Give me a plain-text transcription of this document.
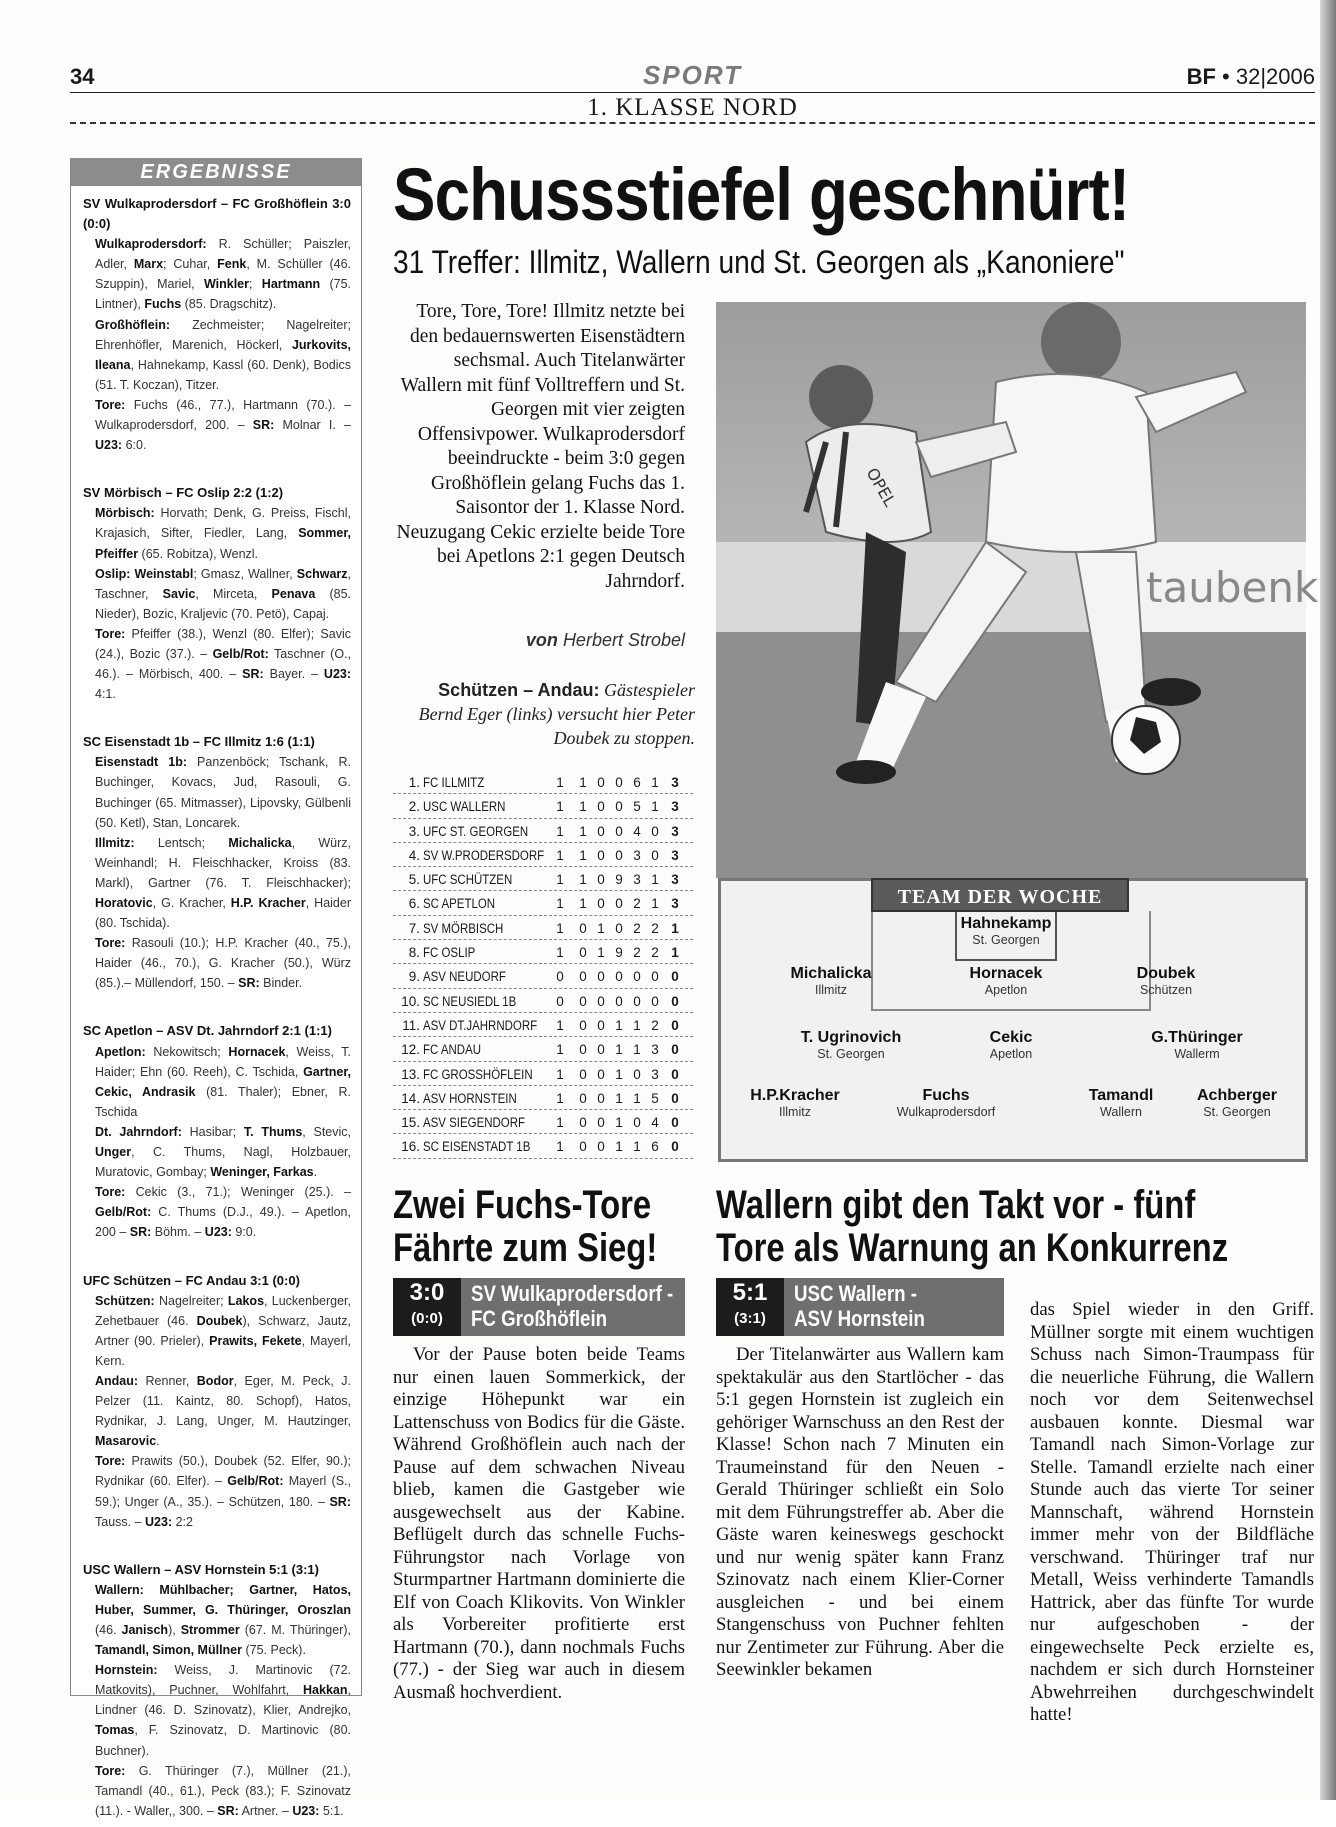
34	SPORT	BF • 32|2006
1. KLASSE NORD
ERGEBNISSE

SV Wulkaprodersdorf – FC Großhöflein 3:0 (0:0)

Wulkaprodersdorf: R. Schüller; Paiszler, Adler, Marx; Cuhar, Fenk, M. Schüller (46. Szuppin), Mariel, Winkler; Hartmann (75. Lintner), Fuchs (85. Dragschitz).

Großhöflein: Zechmeister; Nagelreiter; Ehrenhöfler, Marenich, Höckerl, Jurkovits, Ileana, Hahnekamp, Kassl (60. Denk), Bodics (51. T. Koczan), Titzer.

Tore: Fuchs (46., 77.), Hartmann (70.). – Wulkaprodersdorf, 200. – SR: Molnar I. – U23: 6:0.

SV Mörbisch – FC Oslip 2:2 (1:2)

Mörbisch: Horvath; Denk, G. Preiss, Fischl, Krajasich, Sifter, Fiedler, Lang, Sommer, Pfeiffer (65. Robitza), Wenzl.

Oslip: Weinstabl; Gmasz, Wallner, Schwarz, Taschner, Savic, Mirceta, Penava (85. Nieder), Bozic, Kraljevic (70. Petö), Capaj.

Tore: Pfeiffer (38.), Wenzl (80. Elfer); Savic (24.), Bozic (37.). – Gelb/Rot: Taschner (O., 46.). – Mörbisch, 400. – SR: Bayer. – U23: 4:1.

SC Eisenstadt 1b – FC Illmitz 1:6 (1:1)

Eisenstadt 1b: Panzenböck; Tschank, R. Buchinger, Kovacs, Jud, Rasouli, G. Buchinger (65. Mitmasser), Lipovsky, Gülbenli (50. Ketl), Stan, Loncarek.

Illmitz: Lentsch; Michalicka, Würz, Weinhandl; H. Fleischhacker, Kroiss (83. Markl), Gartner (76. T. Fleischhacker); Horatovic, G. Kracher, H.P. Kracher, Haider (80. Tschida).

Tore: Rasouli (10.); H.P. Kracher (40., 75.), Haider (46., 70.), G. Kracher (50.), Würz (85.).– Müllendorf, 150. – SR: Binder.

SC Apetlon – ASV Dt. Jahrndorf 2:1 (1:1)

Apetlon: Nekowitsch; Hornacek, Weiss, T. Haider; Ehn (60. Reeh), C. Tschida, Gartner, Cekic, Andrasik (81. Thaler); Ebner, R. Tschida

Dt. Jahrndorf: Hasibar; T. Thums, Stevic, Unger, C. Thums, Nagl, Holzbauer, Muratovic, Gombay; Weninger, Farkas.

Tore: Cekic (3., 71.); Weninger (25.). – Gelb/Rot: C. Thums (D.J., 49.). – Apetlon, 200 – SR: Böhm. – U23: 9:0.

UFC Schützen – FC Andau 3:1 (0:0)

Schützen: Nagelreiter; Lakos, Luckenberger, Zehetbauer (46. Doubek), Schwarz, Jautz, Artner (90. Prieler), Prawits, Fekete, Mayerl, Kern.

Andau: Renner, Bodor, Eger, M. Peck, J. Pelzer (11. Kaintz, 80. Schopf), Hatos, Rydnikar, J. Lang, Unger, M. Hautzinger, Masarovic.

Tore: Prawits (50.), Doubek (52. Elfer, 90.); Rydnikar (60. Elfer). – Gelb/Rot: Mayerl (S., 59.); Unger (A., 35.). – Schützen, 180. – SR: Tauss. – U23: 2:2

USC Wallern – ASV Hornstein 5:1 (3:1)

Wallern: Mühlbacher; Gartner, Hatos, Huber, Summer, G. Thüringer, Oroszlan (46. Janisch), Strommer (67. M. Thüringer), Tamandl, Simon, Müllner (75. Peck).

Hornstein: Weiss, J. Martinovic (72. Matkovits), Puchner, Wohlfahrt, Hakkan, Lindner (46. D. Szinovatz), Klier, Andrejko, Tomas, F. Szinovatz, D. Martinovic (80. Buchner).

Tore: G. Thüringer (7.), Müllner (21.), Tamandl (40., 61.), Peck (83.); F. Szinovatz (11.). - Waller,, 300. – SR: Artner. – U23: 5:1.

Schussstiefel geschnürt!
31 Treffer: Illmitz, Wallern und St. Georgen als „Kanoniere"
Tore, Tore, Tore! Illmitz netzte bei den bedauernswerten Eisenstädtern sechsmal. Auch Titelanwärter Wallern mit fünf Volltreffern und St. Georgen mit vier zeigten Offensivpower. Wulkaprodersdorf beeindruckte - beim 3:0 gegen Großhöflein gelang Fuchs das 1. Saisontor der 1. Klasse Nord. Neuzugang Cekic erzielte beide Tore bei Apetlons 2:1 gegen Deutsch Jahrndorf.
von Herbert Strobel
Schützen – Andau: Gästespieler Bernd Eger (links) versucht hier Peter Doubek zu stoppen.
1. FC ILLMITZ	1 1 0 0 6 1 3
2. USC WALLERN	1 1 0 0 5 1 3
3. UFC ST. GEORGEN 1 1 0 0 4 0 3
4. SV W.PRODERSDORF 1 1 0 0 3 0 3
5. UFC SCHÜTZEN	1 1 0 9 3 1 3
6. SC APETLON	1 1 0 0 2 1 3
7. SV MÖRBISCH	1 0 1 0 2 2 1
8. FC OSLIP	1 0 1 9 2 2 1
9. ASV NEUDORF	0 0 0 0 0 0 0
10. SC NEUSIEDL 1B	0 0 0 0 0 0 0
11. ASV DT.JAHRNDORF 1 0 0 1 1 2 0
12. FC ANDAU	1 0 0 1 1 3 0
13. FC GROSSHÖFLEIN 1 0 0 1 0 3 0
14. ASV HORNSTEIN	1 0 0 1 1 5 0
15. ASV SIEGENDORF 1 0 0 1 0 4 0
16. SC EISENSTADT 1B 1 0 0 1 1 6 0
taubenk
OPEL
TEAM DER WOCHE
Hahnekamp
St. Georgen
Michalicka
Illmitz
Hornacek
Apetlon
Doubek
Schützen
T. Ugrinovich
St. Georgen
Cekic
Apetlon
G.Thüringer
Wallerm
H.P.Kracher
Illmitz
Fuchs
Wulkaprodersdorf
Tamandl
Wallern
Achberger
St. Georgen
Zwei Fuchs-Tore
Fährte zum Sieg!
3:0
(0:0)
SV Wulkaprodersdorf -
FC Großhöflein
Vor der Pause boten beide Teams nur einen lauen Sommerkick, der einzige Höhepunkt war ein Lattenschuss von Bodics für die Gäste. Während Großhöflein auch nach der Pause auf dem schwachen Niveau blieb, kamen die Gastgeber wie ausgewechselt aus der Kabine. Beflügelt durch das schnelle Fuchs-Führungstor nach Vorlage von Sturmpartner Hartmann dominierte die Elf von Coach Klikovits. Von Winkler als Vorbereiter profitierte erst Hartmann (70.), dann nochmals Fuchs (77.) - der Sieg war auch in diesem Ausmaß hochverdient.
Wallern gibt den Takt vor - fünf
Tore als Warnung an Konkurrenz
5:1
(3:1)
USC Wallern -
ASV Hornstein
Der Titelanwärter aus Wallern kam spektakulär aus den Startlöcher - das 5:1 gegen Hornstein ist zugleich ein gehöriger Warnschuss an den Rest der Klasse! Schon nach 7 Minuten ein Traumeinstand für den Neuen - Gerald Thüringer schließt ein Solo mit dem Führungstreffer ab. Aber die Gäste waren keineswegs geschockt und nur wenig später kann Franz Szinovatz nach einem Klier-Corner ausgleichen - und bei einem Stangenschuss von Puchner fehlten nur Zentimeter zur Führung. Aber die Seewinkler bekamen
das Spiel wieder in den Griff. Müllner sorgte mit einem wuchtigen Schuss nach Simon-Traumpass für die neuerliche Führung, die Wallern noch vor dem Seitenwechsel ausbauen konnte. Diesmal war Tamandl nach Simon-Vorlage zur Stelle. Tamandl erzielte nach einer Stunde auch das vierte Tor seiner Mannschaft, während Hornstein immer mehr von der Bildfläche verschwand. Thüringer traf nur Metall, Weiss verhinderte Tamandls Hattrick, aber das fünfte Tor wurde nur aufgeschoben - der eingewechselte Peck erzielte es, nachdem er sich durch Hornsteiner Abwehrreihen durchgeschwindelt hatte!
